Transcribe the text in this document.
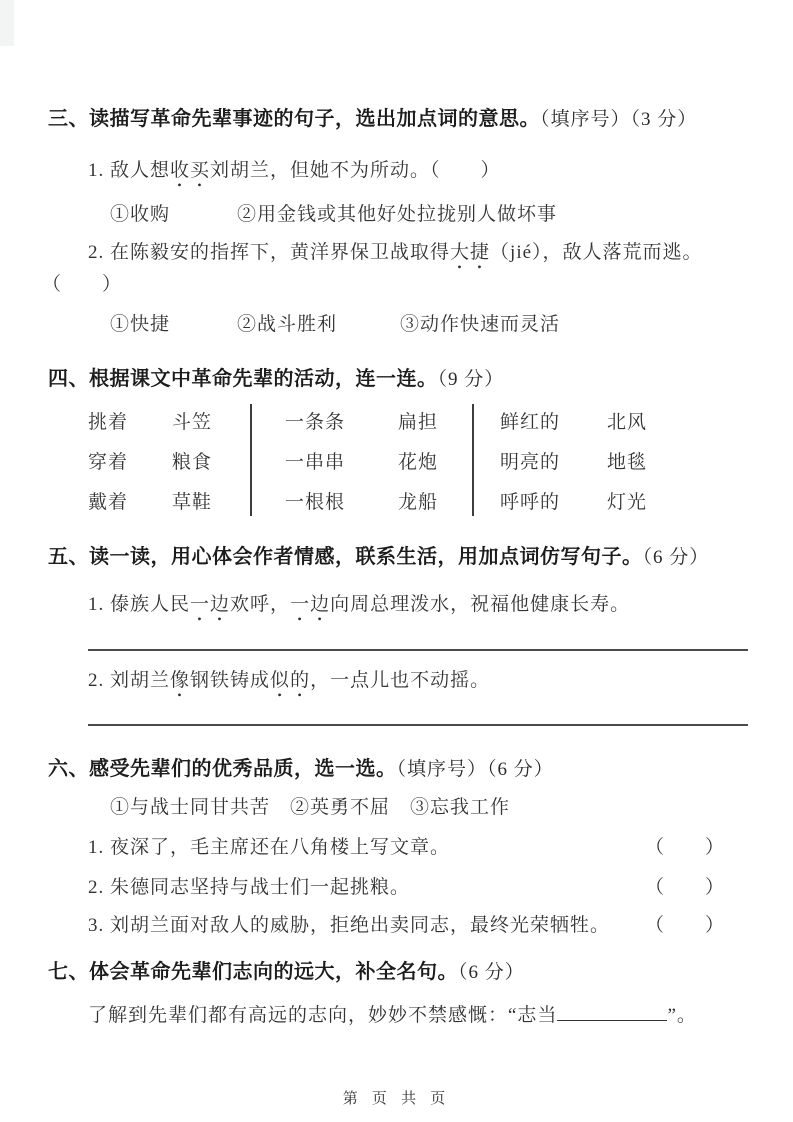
三、读描写革命先辈事迹的句子，选出加点词的意思。（填序号）（3 分）
1. 敌人想收买刘胡兰，但她不为所动。（　　）
①收购	②用金钱或其他好处拉拢别人做坏事
2. 在陈毅安的指挥下，黄洋界保卫战取得大捷（jié），敌人落荒而逃。
（　　）
①快捷	②战斗胜利	③动作快速而灵活
四、根据课文中革命先辈的活动，连一连。（9 分）
挑着 斗笠	一条条	扁担	鲜红的 北风
穿着 粮食	一串串	花炮	明亮的 地毯
戴着 草鞋	一根根	龙船	呼呼的 灯光
五、读一读，用心体会作者情感，联系生活，用加点词仿写句子。（6 分）
1. 傣族人民一边欢呼，一边向周总理泼水，祝福他健康长寿。
2. 刘胡兰像钢铁铸成似的，一点儿也不动摇。
六、感受先辈们的优秀品质，选一选。（填序号）（6 分）
①与战士同甘共苦　②英勇不屈　③忘我工作
1. 夜深了，毛主席还在八角楼上写文章。	（　　）
2. 朱德同志坚持与战士们一起挑粮。	（　　）
3. 刘胡兰面对敌人的威胁，拒绝出卖同志，最终光荣牺牲。 （　　）
七、体会革命先辈们志向的远大，补全名句。（6 分）
了解到先辈们都有高远的志向，妙妙不禁感慨：“志当	”。
第 页 共 页
